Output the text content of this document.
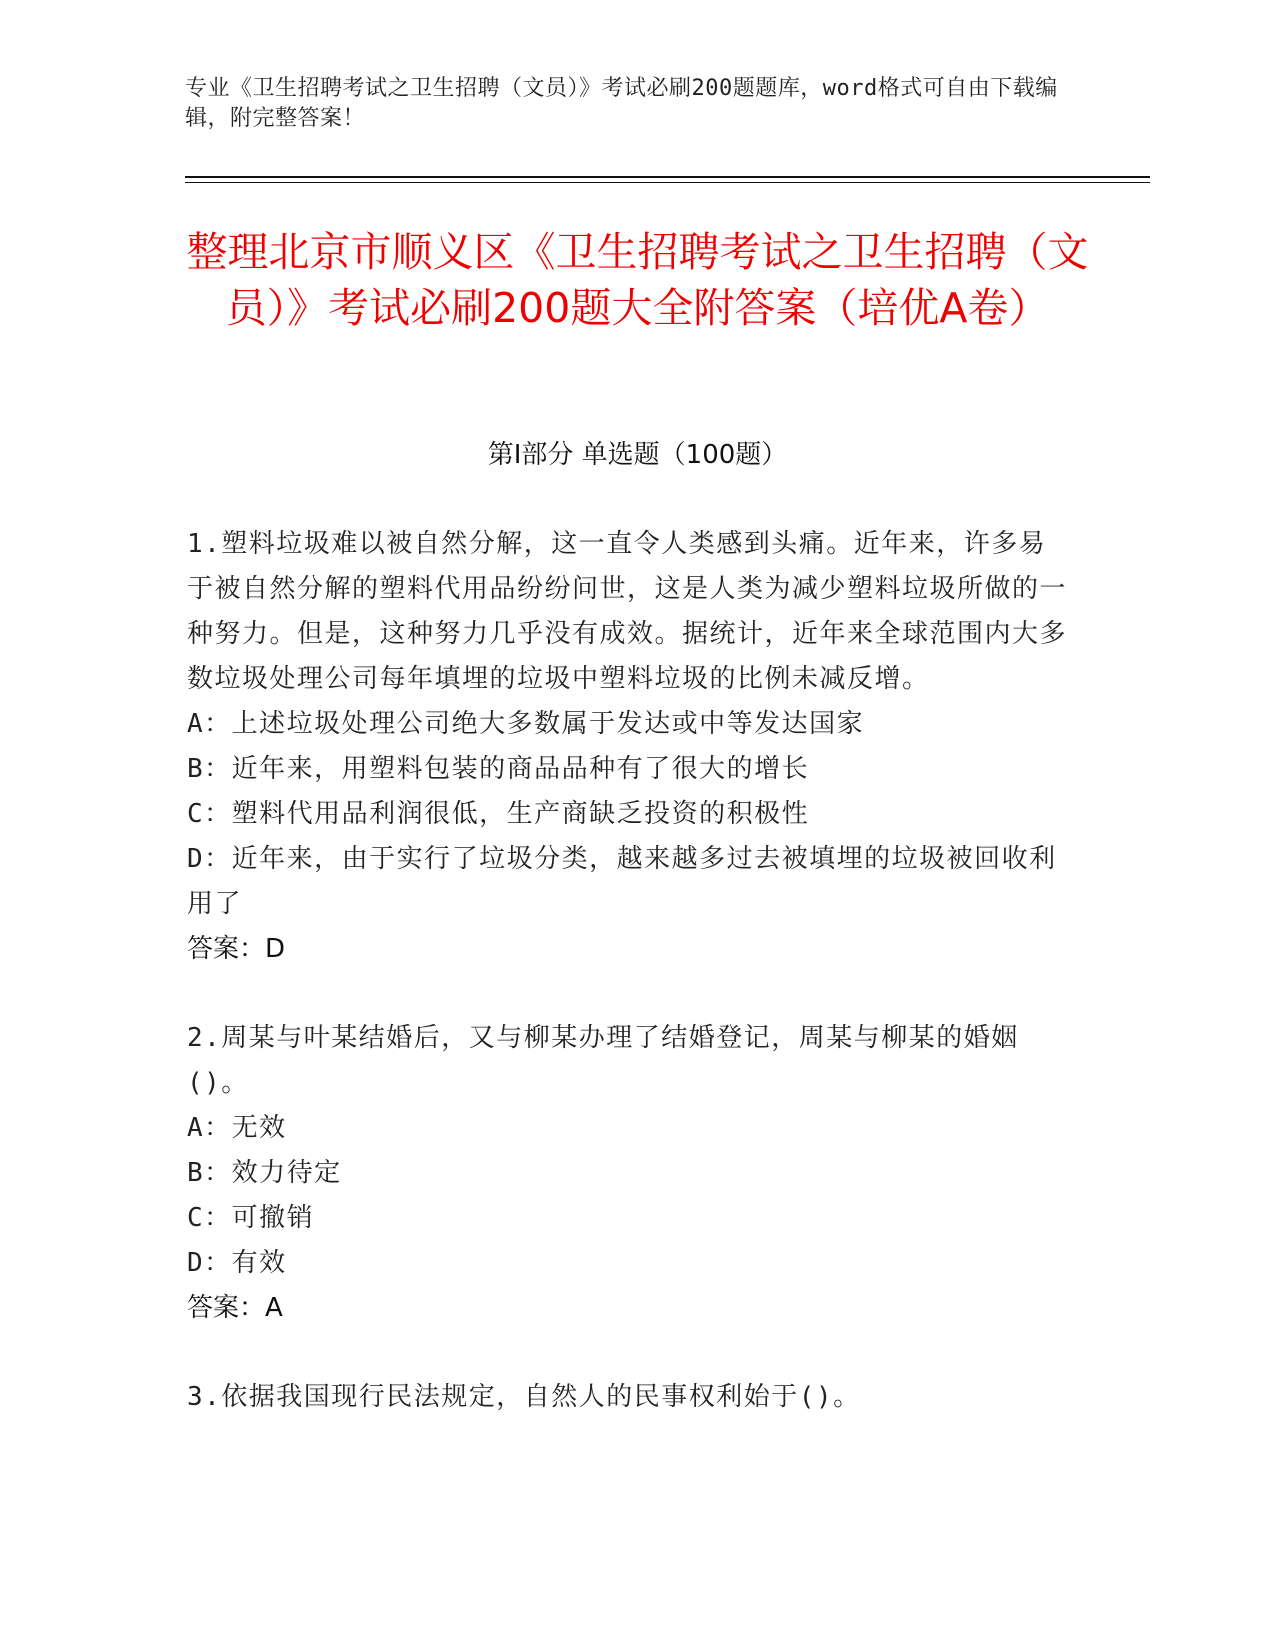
专业《卫生招聘考试之卫生招聘（文员）》考试必刷200题题库，word格式可自由下载编辑，附完整答案！
整理北京市顺义区《卫生招聘考试之卫生招聘（文员）》考试必刷200题大全附答案（培优A卷）
第I部分 单选题（100题）

1.塑料垃圾难以被自然分解，这一直令人类感到头痛。近年来，许多易于被自然分解的塑料代用品纷纷问世，这是人类为减少塑料垃圾所做的一种努力。但是，这种努力几乎没有成效。据统计，近年来全球范围内大多数垃圾处理公司每年填埋的垃圾中塑料垃圾的比例未减反增。

A：上述垃圾处理公司绝大多数属于发达或中等发达国家

B：近年来，用塑料包装的商品品种有了很大的增长

C：塑料代用品利润很低，生产商缺乏投资的积极性

D：近年来，由于实行了垃圾分类，越来越多过去被填埋的垃圾被回收利用了

答案：D

2.周某与叶某结婚后，又与柳某办理了结婚登记，周某与柳某的婚姻()。

A：无效

B：效力待定

C：可撤销

D：有效

答案：A

3.依据我国现行民法规定，自然人的民事权利始于()。
